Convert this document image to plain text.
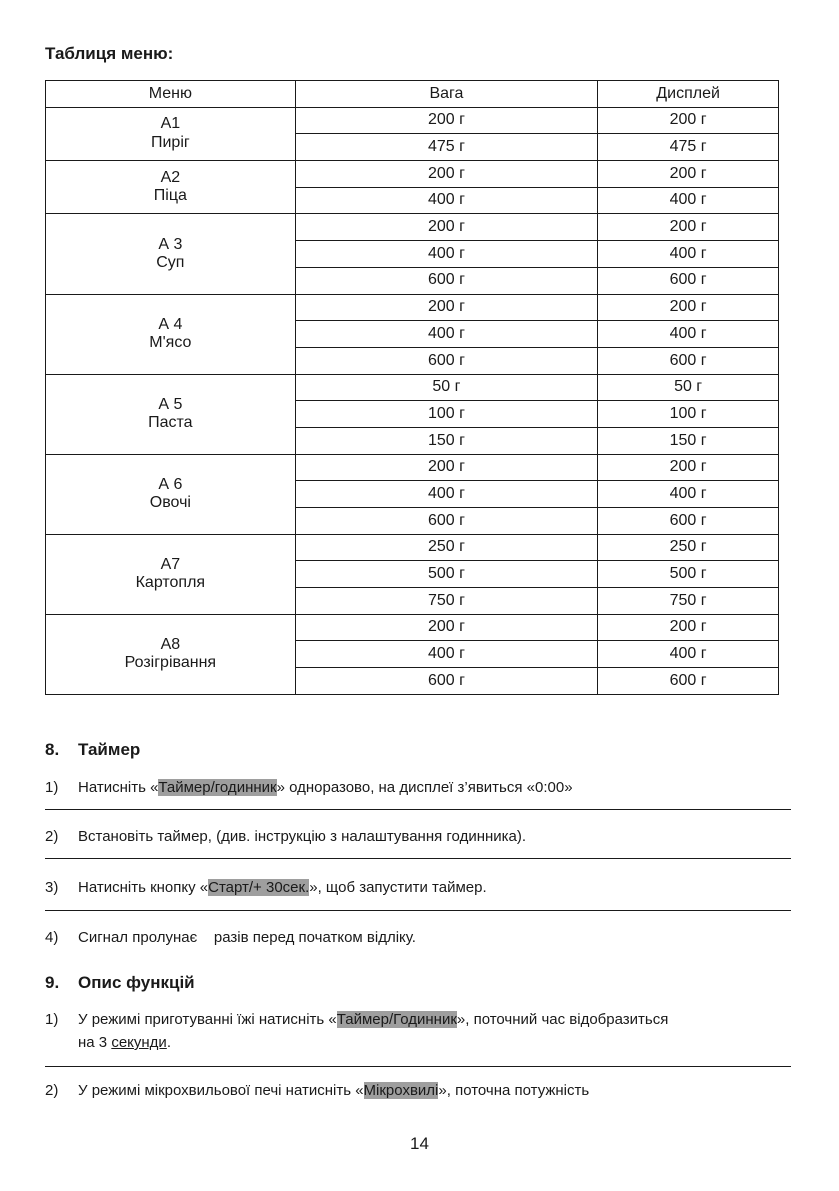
Таблиця меню:
Меню	Вага	Дисплей

А1
Пиріг	200 г	200 г
	475 г	475 г

А2
Піца	200 г	200 г
	400 г	400 г

А 3
Суп	200 г	200 г
	400 г	400 г
	600 г	600 г

А 4
М'ясо	200 г	200 г
	400 г	400 г
	600 г	600 г

А 5
Паста	50 г	50 г
	100 г	100 г
	150 г	150 г

А 6
Овочі	200 г	200 г
	400 г	400 г
	600 г	600 г

А7
Картопля	250 г	250 г
	500 г	500 г
	750 г	750 г

А8
Розігрівання	200 г	200 г
	400 г	400 г
	600 г	600 г
8. Таймер
1) Натисніть «Таймер/годинник» одноразово, на дисплеї з’явиться «0:00»
2) Встановіть таймер, (див. інструкцію з налаштування годинника).
3) Натисніть кнопку «Старт/+ 30сек.», щоб запустити таймер.
4) Сигнал пролунає    разів перед початком відліку.
9. Опис функцій
1) У режимі приготуванні їжі натисніть «Таймер/Годинник», поточний час відобразиться
на 3 секунди.
2) У режимі мікрохвильової печі натисніть «Мікрохвилі», поточна потужність
14
